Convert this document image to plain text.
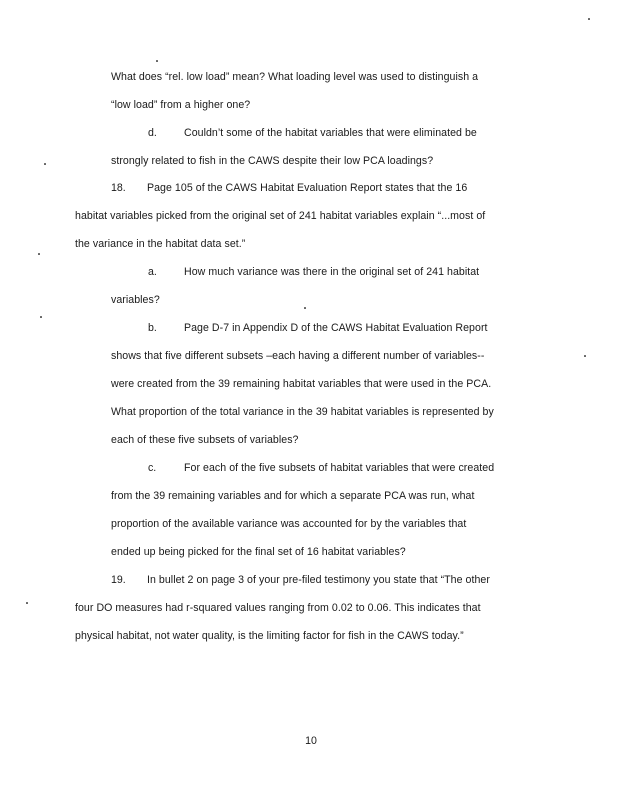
What does “rel. low load” mean? What loading level was used to distinguish a
“low load” from a higher one?
d.	Couldn’t some of the habitat variables that were eliminated be
strongly related to fish in the CAWS despite their low PCA loadings?
18. Page 105 of the CAWS Habitat Evaluation Report states that the 16
habitat variables picked from the original set of 241 habitat variables explain “...most of
the variance in the habitat data set.”
a.	How much variance was there in the original set of 241 habitat
variables?
b.	Page D-7 in Appendix D of the CAWS Habitat Evaluation Report
shows that five different subsets –each having a different number of variables--
were created from the 39 remaining habitat variables that were used in the PCA.
What proportion of the total variance in the 39 habitat variables is represented by
each of these five subsets of variables?
c.	For each of the five subsets of habitat variables that were created
from the 39 remaining variables and for which a separate PCA was run, what
proportion of the available variance was accounted for by the variables that
ended up being picked for the final set of 16 habitat variables?
19. In bullet 2 on page 3 of your pre-filed testimony you state that “The other
four DO measures had r-squared values ranging from 0.02 to 0.06. This indicates that
physical habitat, not water quality, is the limiting factor for fish in the CAWS today.”
10
